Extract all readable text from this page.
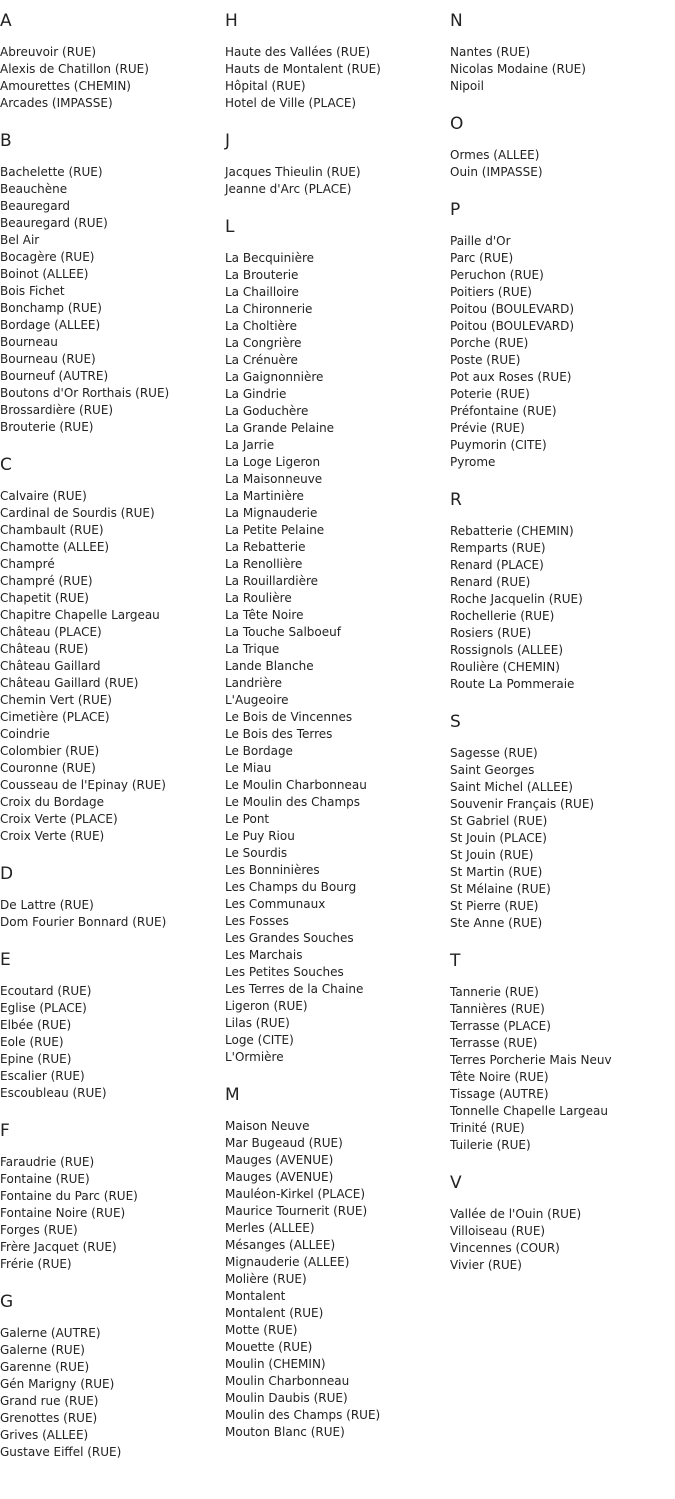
A
Abreuvoir (RUE)
Alexis de Chatillon (RUE)
Amourettes (CHEMIN)
Arcades (IMPASSE)
B
Bachelette (RUE)
Beauchène
Beauregard
Beauregard (RUE)
Bel Air
Bocagère (RUE)
Boinot (ALLEE)
Bois Fichet
Bonchamp (RUE)
Bordage (ALLEE)
Bourneau
Bourneau (RUE)
Bourneuf (AUTRE)
Boutons d'Or Rorthais (RUE)
Brossardière (RUE)
Brouterie (RUE)
C
Calvaire (RUE)
Cardinal de Sourdis (RUE)
Chambault (RUE)
Chamotte (ALLEE)
Champré
Champré (RUE)
Chapetit (RUE)
Chapitre Chapelle Largeau
Château (PLACE)
Château (RUE)
Château Gaillard
Château Gaillard (RUE)
Chemin Vert (RUE)
Cimetière (PLACE)
Coindrie
Colombier (RUE)
Couronne (RUE)
Cousseau de l'Epinay (RUE)
Croix du Bordage
Croix Verte (PLACE)
Croix Verte (RUE)
D
De Lattre (RUE)
Dom Fourier Bonnard (RUE)
E
Ecoutard (RUE)
Eglise (PLACE)
Elbée (RUE)
Eole (RUE)
Epine (RUE)
Escalier (RUE)
Escoubleau (RUE)
F
Faraudrie (RUE)
Fontaine (RUE)
Fontaine du Parc (RUE)
Fontaine Noire (RUE)
Forges (RUE)
Frère Jacquet (RUE)
Frérie (RUE)
G
Galerne (AUTRE)
Galerne (RUE)
Garenne (RUE)
Gén Marigny (RUE)
Grand rue (RUE)
Grenottes (RUE)
Grives (ALLEE)
Gustave Eiffel (RUE)
H
Haute des Vallées (RUE)
Hauts de Montalent (RUE)
Hôpital (RUE)
Hotel de Ville (PLACE)
J
Jacques Thieulin (RUE)
Jeanne d'Arc (PLACE)
L
La Becquinière
La Brouterie
La Chailloire
La Chironnerie
La Choltière
La Congrière
La Crénuère
La Gaignonnière
La Gindrie
La Goduchère
La Grande Pelaine
La Jarrie
La Loge Ligeron
La Maisonneuve
La Martinière
La Mignauderie
La Petite Pelaine
La Rebatterie
La Renollière
La Rouillardière
La Roulière
La Tête Noire
La Touche Salboeuf
La Trique
Lande Blanche
Landrière
L'Augeoire
Le Bois de Vincennes
Le Bois des Terres
Le Bordage
Le Miau
Le Moulin Charbonneau
Le Moulin des Champs
Le Pont
Le Puy Riou
Le Sourdis
Les Bonninières
Les Champs du Bourg
Les Communaux
Les Fosses
Les Grandes Souches
Les Marchais
Les Petites Souches
Les Terres de la Chaine
Ligeron (RUE)
Lilas (RUE)
Loge (CITE)
L'Ormière
M
Maison Neuve
Mar Bugeaud (RUE)
Mauges (AVENUE)
Mauges (AVENUE)
Mauléon-Kirkel (PLACE)
Maurice Tournerit (RUE)
Merles (ALLEE)
Mésanges (ALLEE)
Mignauderie (ALLEE)
Molière (RUE)
Montalent
Montalent (RUE)
Motte (RUE)
Mouette (RUE)
Moulin (CHEMIN)
Moulin Charbonneau
Moulin Daubis (RUE)
Moulin des Champs (RUE)
Mouton Blanc (RUE)
N
Nantes (RUE)
Nicolas Modaine (RUE)
Nipoil
O
Ormes (ALLEE)
Ouin (IMPASSE)
P
Paille d'Or
Parc (RUE)
Peruchon (RUE)
Poitiers (RUE)
Poitou (BOULEVARD)
Poitou (BOULEVARD)
Porche (RUE)
Poste (RUE)
Pot aux Roses (RUE)
Poterie (RUE)
Préfontaine (RUE)
Prévie (RUE)
Puymorin (CITE)
Pyrome
R
Rebatterie (CHEMIN)
Remparts (RUE)
Renard (PLACE)
Renard (RUE)
Roche Jacquelin (RUE)
Rochellerie (RUE)
Rosiers (RUE)
Rossignols (ALLEE)
Roulière (CHEMIN)
Route La Pommeraie
S
Sagesse (RUE)
Saint Georges
Saint Michel (ALLEE)
Souvenir Français (RUE)
St Gabriel (RUE)
St Jouin (PLACE)
St Jouin (RUE)
St Martin (RUE)
St Mélaine (RUE)
St Pierre (RUE)
Ste Anne (RUE)
T
Tannerie (RUE)
Tannières (RUE)
Terrasse (PLACE)
Terrasse (RUE)
Terres Porcherie Mais Neuv
Tête Noire (RUE)
Tissage (AUTRE)
Tonnelle Chapelle Largeau
Trinité (RUE)
Tuilerie (RUE)
V
Vallée de l'Ouin (RUE)
Villoiseau (RUE)
Vincennes (COUR)
Vivier (RUE)
